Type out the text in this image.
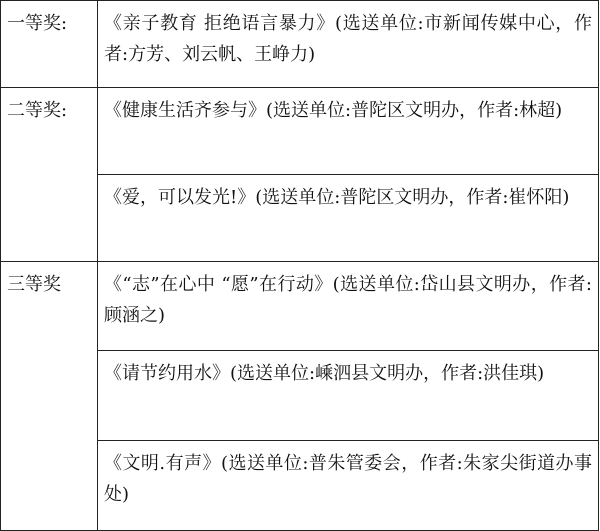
一等奖:	《亲子教育 拒绝语言暴力》(选送单位:市新闻传媒中心，作者:方芳、刘云帆、王峥力)
二等奖:	《健康生活齐参与》(选送单位:普陀区文明办，作者:林超)
	《爱，可以发光!》(选送单位:普陀区文明办，作者:崔怀阳)
三等奖	《“志”在心中 “愿”在行动》(选送单位:岱山县文明办，作者:顾涵之)
	《请节约用水》(选送单位:嵊泗县文明办，作者:洪佳琪)
	《文明.有声》(选送单位:普朱管委会，作者:朱家尖街道办事处)
